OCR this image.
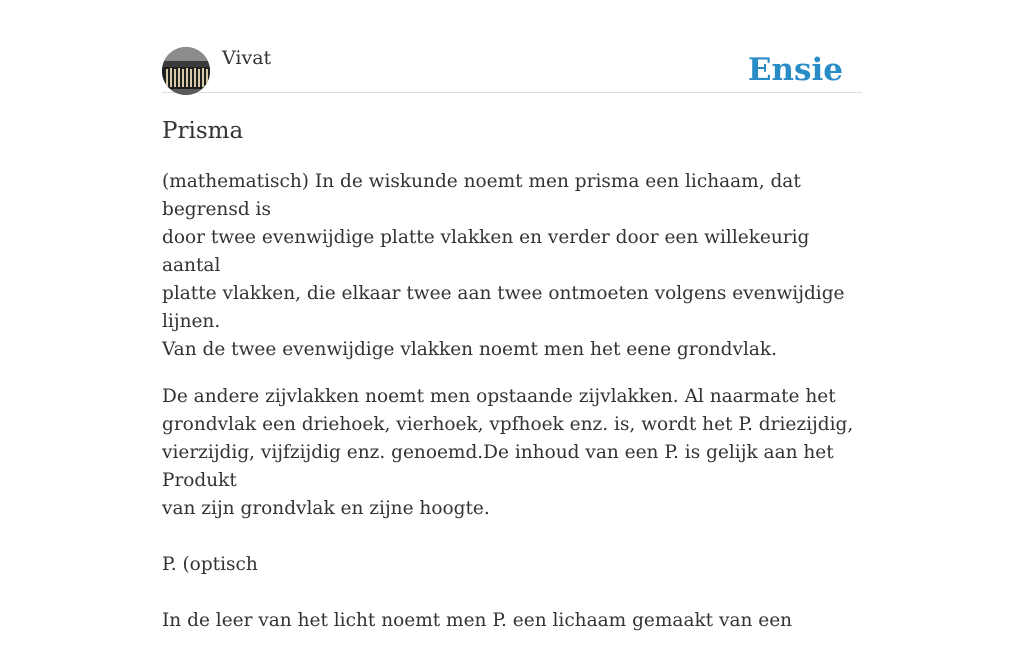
Vivat	Ensie
Prisma

(mathematisch) In de wiskunde noemt men prisma een lichaam, dat begrensd is
door twee evenwijdige platte vlakken en verder door een willekeurig aantal
platte vlakken, die elkaar twee aan twee ontmoeten volgens evenwijdige lijnen.
Van de twee evenwijdige vlakken noemt men het eene grondvlak.

De andere zijvlakken noemt men opstaande zijvlakken. Al naarmate het
grondvlak een driehoek, vierhoek, vpfhoek enz. is, wordt het P. driezijdig,
vierzijdig, vijfzijdig enz. genoemd.De inhoud van een P. is gelijk aan het Produkt
van zijn grondvlak en zijne hoogte.

P. (optisch

In de leer van het licht noemt men P. een lichaam gemaakt van een
